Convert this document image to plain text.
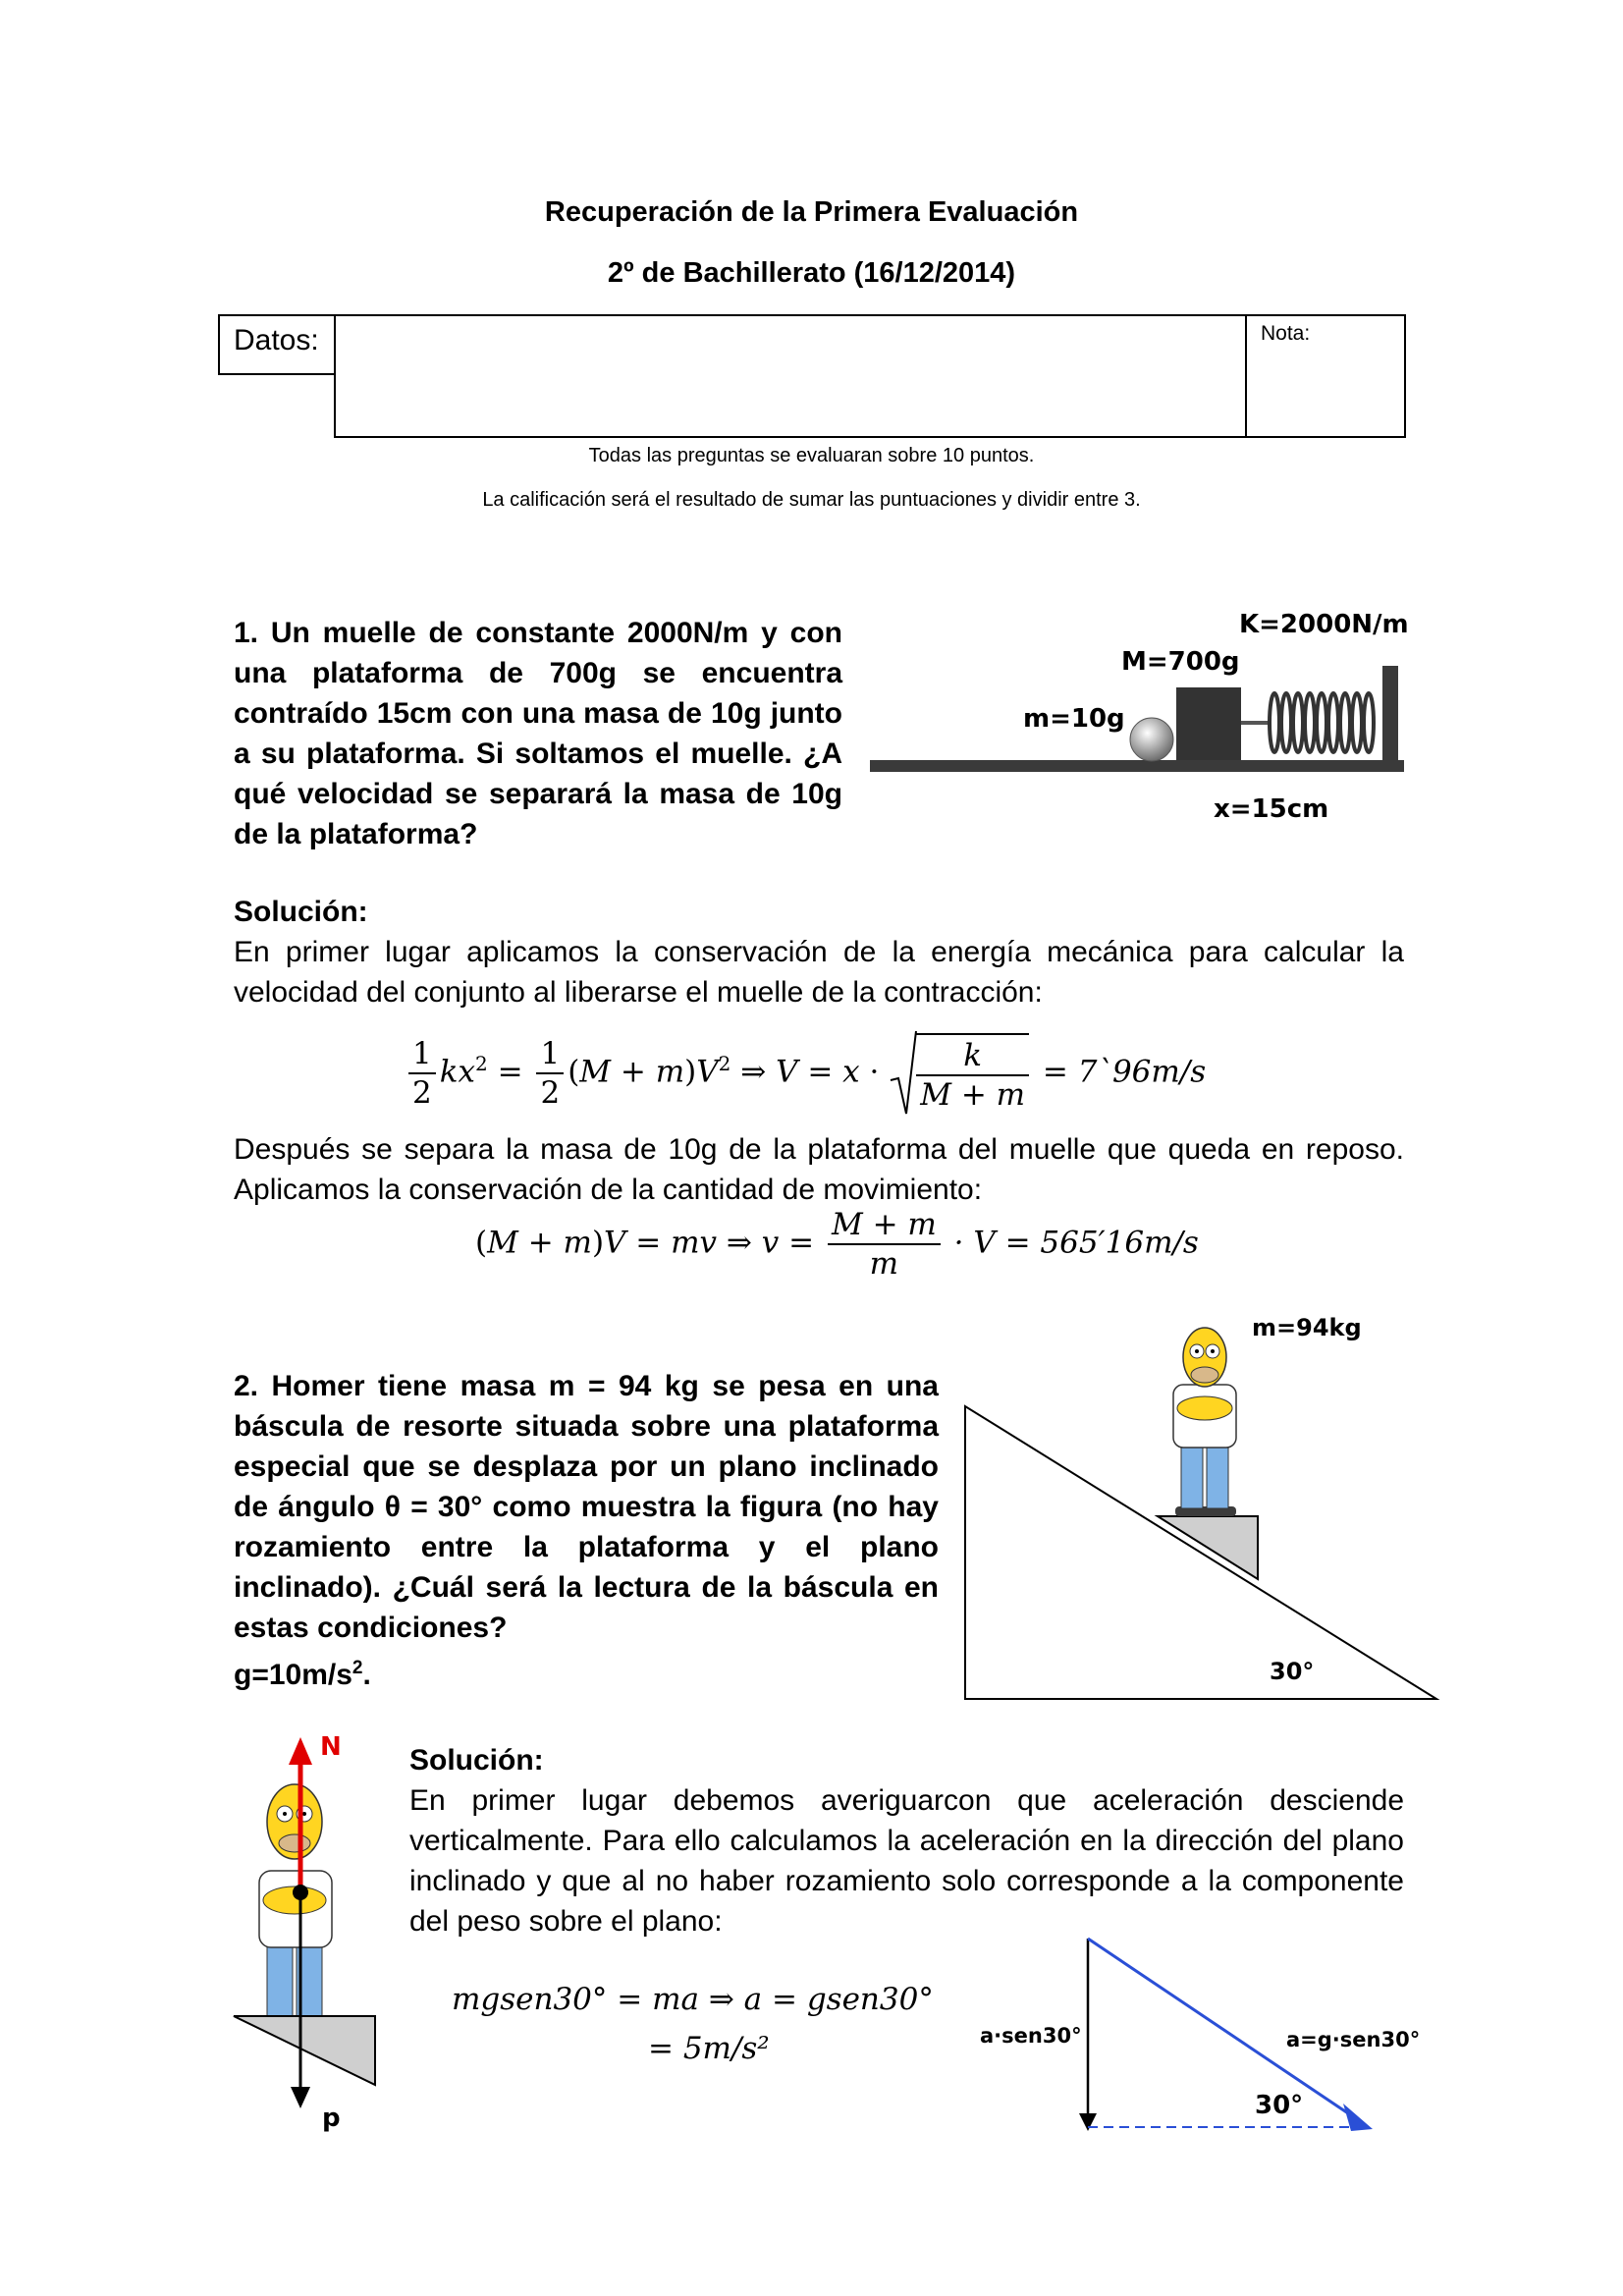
Recuperación de la Primera Evaluación
2º de Bachillerato (16/12/2014)
Datos:	Nota:
Todas las preguntas se evaluaran sobre 10 puntos.
La calificación será el resultado de sumar las puntuaciones y dividir entre 3.
1. Un muelle de constante 2000N/m y con una plataforma de 700g se encuentra contraído 15cm con una masa de 10g junto a su plataforma. Si soltamos el muelle. ¿A qué velocidad se separará la masa de 10g de la plataforma?
K=2000N/m
M=700g
m=10g
x=15cm
Solución:
En primer lugar aplicamos la conservación de la energía mecánica para calcular la velocidad del conjunto al liberarse el muelle de la contracción:
$\frac{1}{2} kx^2 = \frac{1}{2} (M + m)V^2$ ⇒ $V = x \cdot \frac{k}{M + m}$ = 7`96m/s
Después se separa la masa de 10g de la plataforma del muelle que queda en reposo. Aplicamos la conservación de la cantidad de movimiento:
(M + m)V = mv ⇒ $v = \frac{M + m}{m} \cdot V = 565'16m/s$
2. Homer tiene masa m = 94 kg se pesa en una báscula de resorte situada sobre una plataforma especial que se desplaza por un plano inclinado de ángulo θ = 30° como muestra la figura (no hay rozamiento entre la plataforma y el plano inclinado). ¿Cuál será la lectura de la báscula en estas condiciones?
$g=10m/s^2$.
m=94kg
30°
N
p
Solución:
En primer lugar debemos averiguarcon que aceleración desciende verticalmente. Para ello calculamos la aceleración en la dirección del plano inclinado y que al no haber rozamiento solo corresponde a la componente del peso sobre el plano:
mgsen30° = ma ⇒ a = gsen30°
= 5m/s²	a·sen30°	a=g·sen30°
30°
